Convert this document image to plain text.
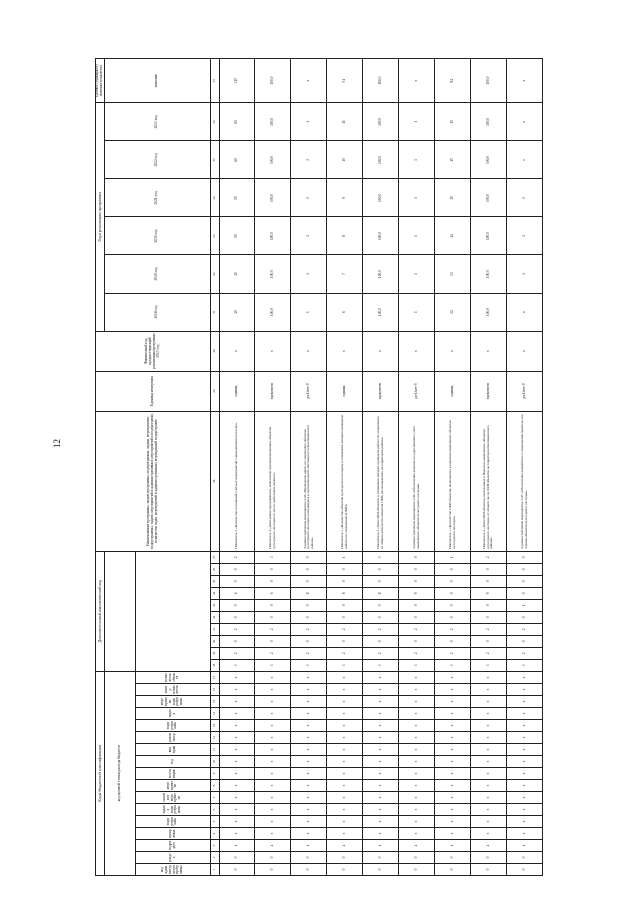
12
Коды бюджетной классификации																	Дополнительный аналитический код										Наименование программы, задачи программы, подпрограммы, задачи, мероприятия, подпрограммы, задачи, мероприятий и административных мероприятий и подпрограмм, показатели задач, мероприятий и административных мероприятий подпрограмм	Единица измерения	Финансовый год, предшествующий реализации программы 2017 год	Годы реализации программы						Целевое (суммарное) значение показателя
код целевой статьи расхода бюджета																														2018 год	2019 год	2020 год	2021 год	2022 год	2023 год	значение
код администратора программы	раздел	подраздел	программа	подпрограмма	задача подпрограммы	основное мероприятие	мероприятие	поставщик	год	вид прав	реализатор	подпрограмма	задача	мероприятие подпрограммы	номер показателя	показатель объекта																				
1	2	3	4	5	6	7	8	9	10	11	12	13	14	15	16	17	18	19	20	21	22	23	24	25	26	27	28	29	30	31	32	33	34	35	36	37
0	0	4	x	x	x	x	x	x	x	x	x	x	x	x	x	x	3	2	0	2	0	0	6	0	0	2	Показатель 2 «Количество посещений учетных мероприятий учреждениями культуры»	единиц	x	40	45	50	55	60	65	315
0	0	4	x	x	x	x	x	x	x	x	x	x	x	x	x	x	3	2	0	2	0	0	6	0	0	3	Показатель 3 «Доля реконструированных, капитально отремонтированных объектов культурного наследия от числа требующих ремонта»	процентов	x	100,0	100,0	100,0	100,0	100,0	100,0	100,0
0	0	4	x	x	x	x	x	x	x	x	x	x	x	x	x	x	3	2	0	2	0	0	8	0	0	0	Административное мероприятие 2.05 «Проведение работ по сохранению объектов культурного наследия, находящихся в муниципальной собственности Колпашевского района»	да-1/нет-0	x	1	1	1	1	1	1	x
0	0	4	x	x	x	x	x	x	x	x	x	x	x	x	x	x	3	2	0	2	0	0	8	0	0	1	Показатель 1 «Количество объектов культурного наследия, в отношении которых проведены работы по сохранению (ОКН)»	единиц	x	6	7	8	9	10	11	51
0	0	4	x	x	x	x	x	x	x	x	x	x	x	x	x	x	3	2	0	2	0	0	8	0	0	3	Показатель 2 «Доля ОКН объектов, в отношении которых проведена работа по сохранению, от общего количества объектов ОКН, расположенных на территории района»	процентов	x	100,0	100,0	100,0	100,0	100,0	100,0	100,0
0	0	4	x	x	x	x	x	x	x	x	x	x	x	x	x	x	3	2	0	2	0	0	9	0	0	0	Административное мероприятие 2.06 «Обеспечение ведения государственного учета выявленных объектов культурного наследия»	да-1/нет-0	x	1	1	1	1	1	1	x
0	0	4	x	x	x	x	x	x	x	x	x	x	x	x	x	x	3	2	0	2	0	0	9	0	0	1	Показатель 1 «Количество ОКН объектов, включенных в перечень выявленных объектов культурного наследия»	единиц	x	12	13	14	15	15	15	84
0	0	4	x	x	x	x	x	x	x	x	x	x	x	x	x	x	3	2	0	2	0	0	9	0	0	2	Показатель 2 «Доля ОКН объектов, включенных в Перечень выявленных объектов культурного наследия, от общего числа ОКН объектов на территории Колпашевского района»	процентов	x	100,0	100,0	100,0	100,0	100,0	100,0	100,0
0	0	4	x	x	x	x	x	x	x	x	x	x	x	x	x	x	3	2	0	2	0	1	0	0	0	0	Административное мероприятие 2.07 «Обеспечение разработки и утверждения проектов зон охраны объектов культурного наследия»	да-1/нет-0	x	x	1	1	1	x	x	x
